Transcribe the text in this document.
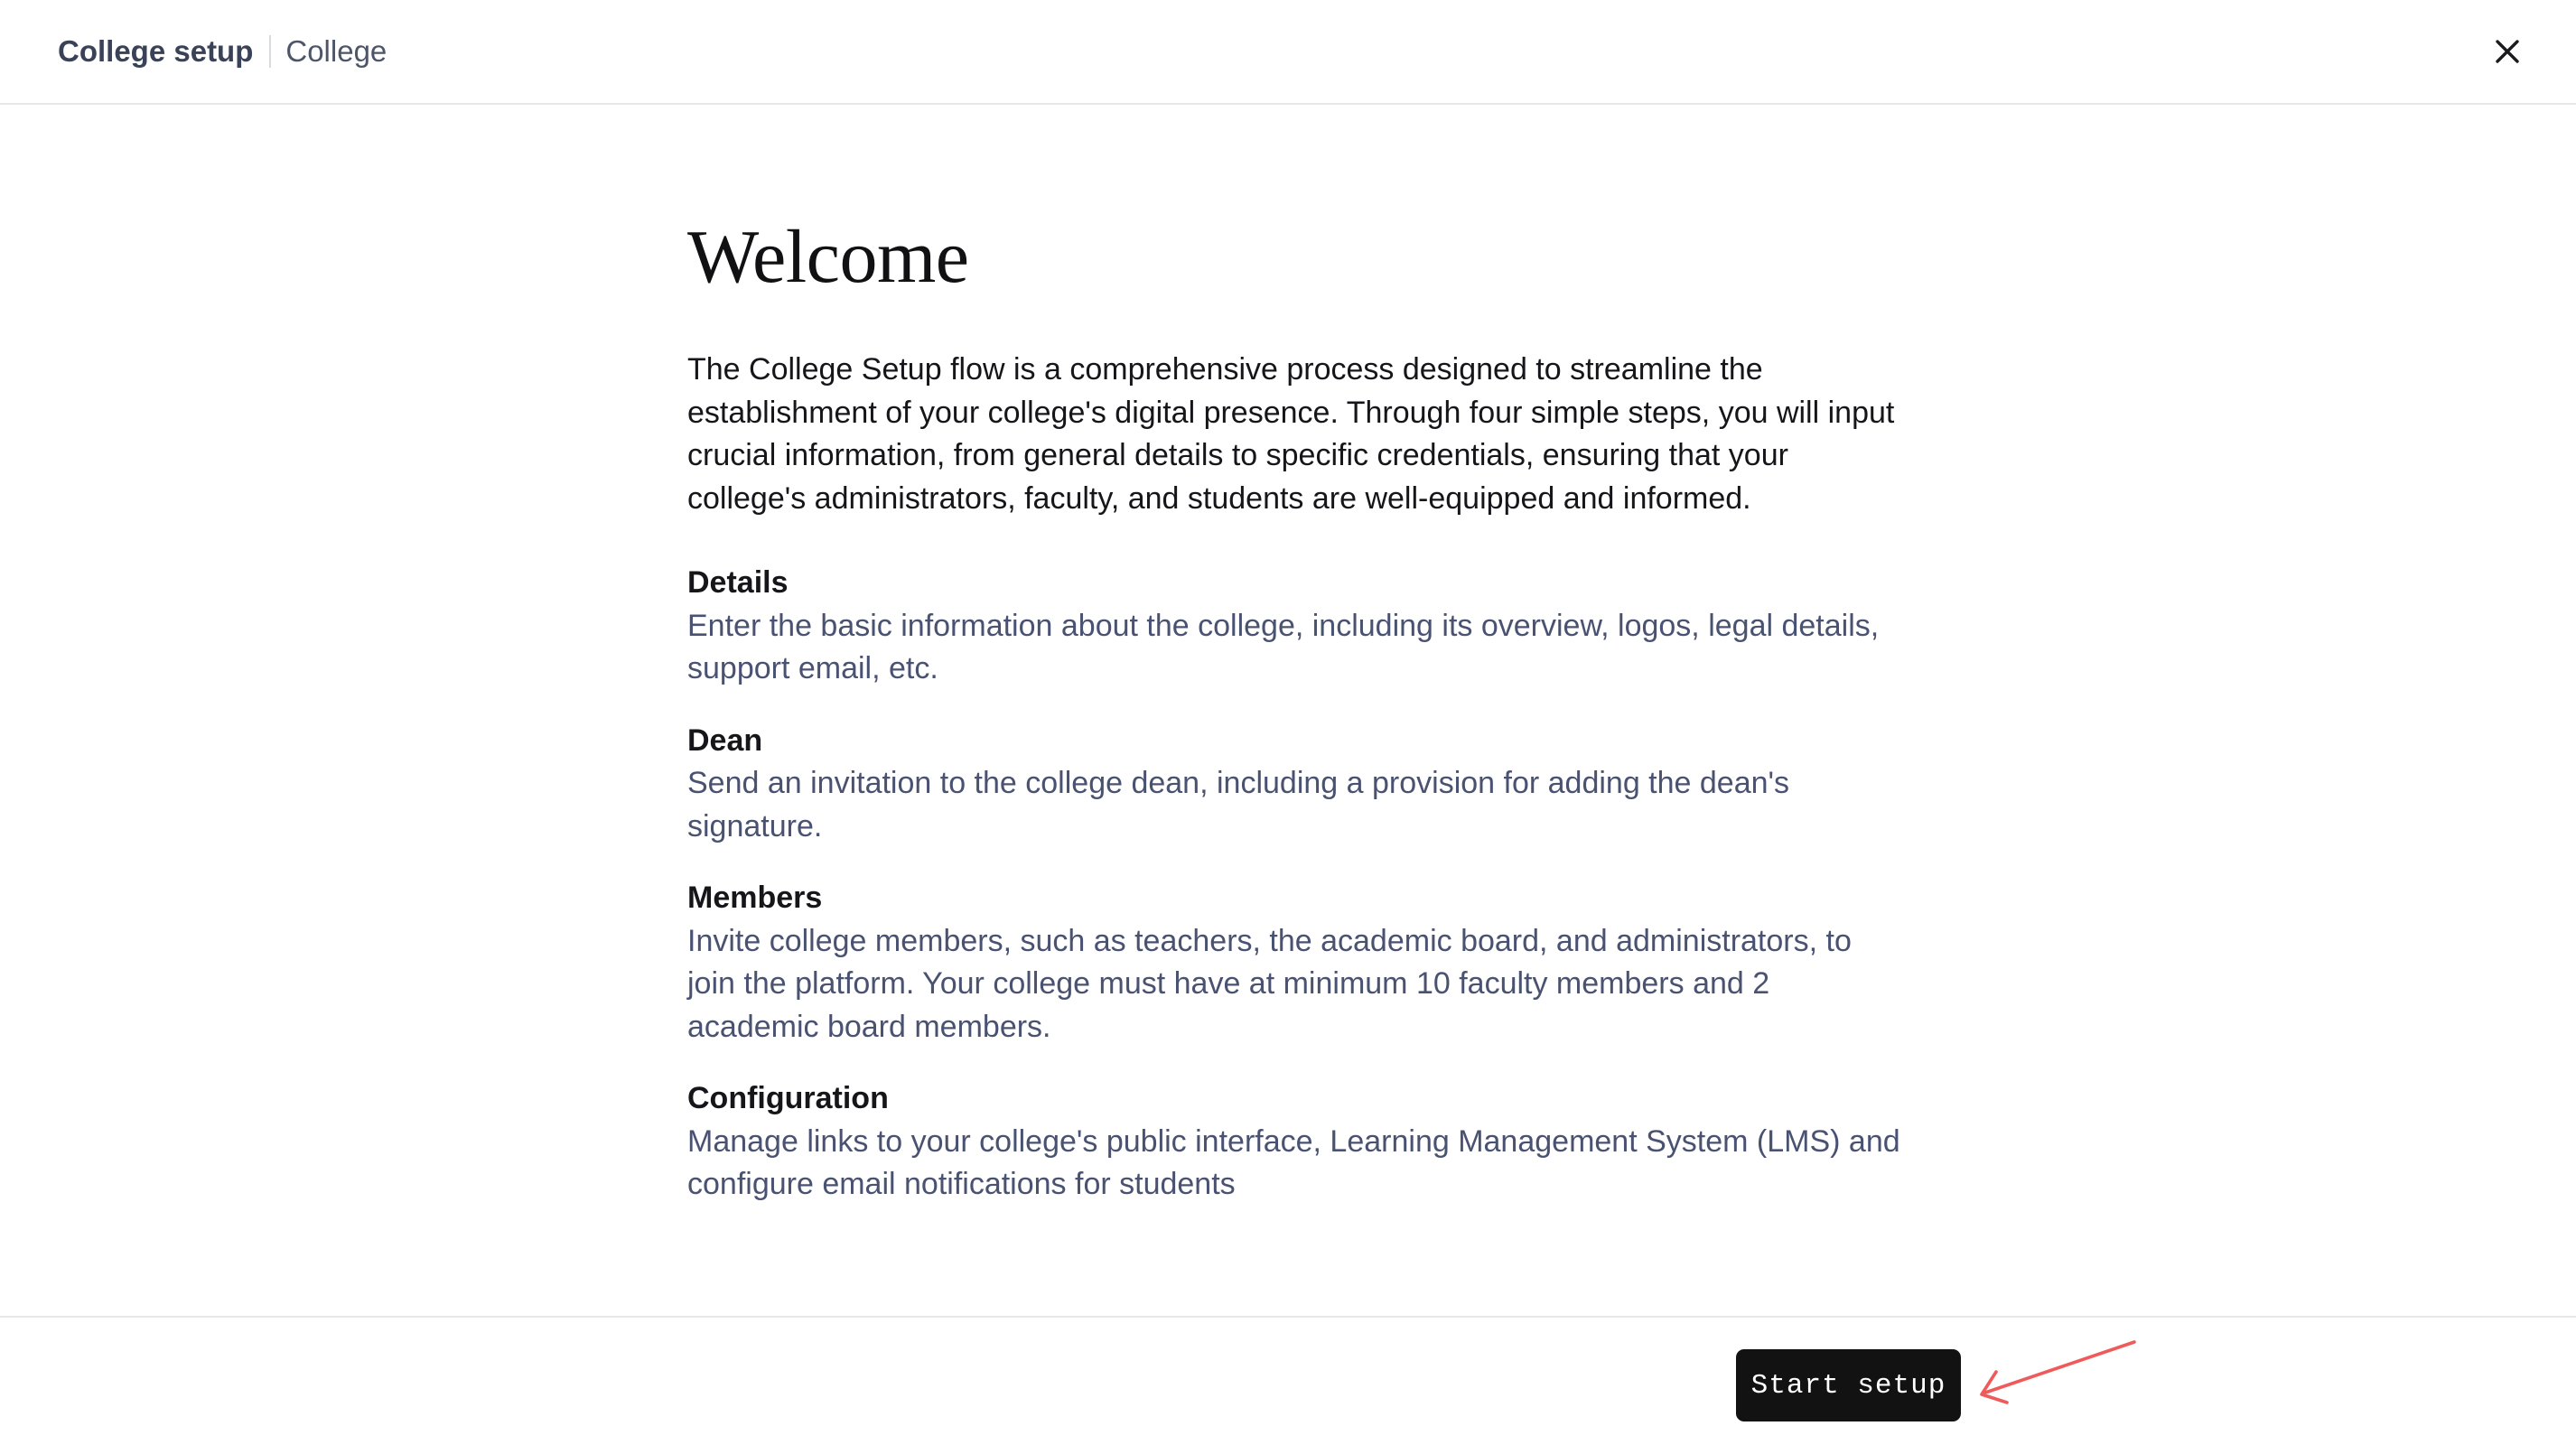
College setup College
Welcome

The College Setup flow is a comprehensive process designed to streamline the establishment of your college's digital presence. Through four simple steps, you will input crucial information, from general details to specific credentials, ensuring that your college's administrators, faculty, and students are well-equipped and informed.

Details
Enter the basic information about the college, including its overview, logos, legal details, support email, etc.
Dean
Send an invitation to the college dean, including a provision for adding the dean's signature.
Members
Invite college members, such as teachers, the academic board, and administrators, to join the platform. Your college must have at minimum 10 faculty members and 2 academic board members.
Configuration
Manage links to your college's public interface, Learning Management System (LMS) and configure email notifications for students
Start setup
